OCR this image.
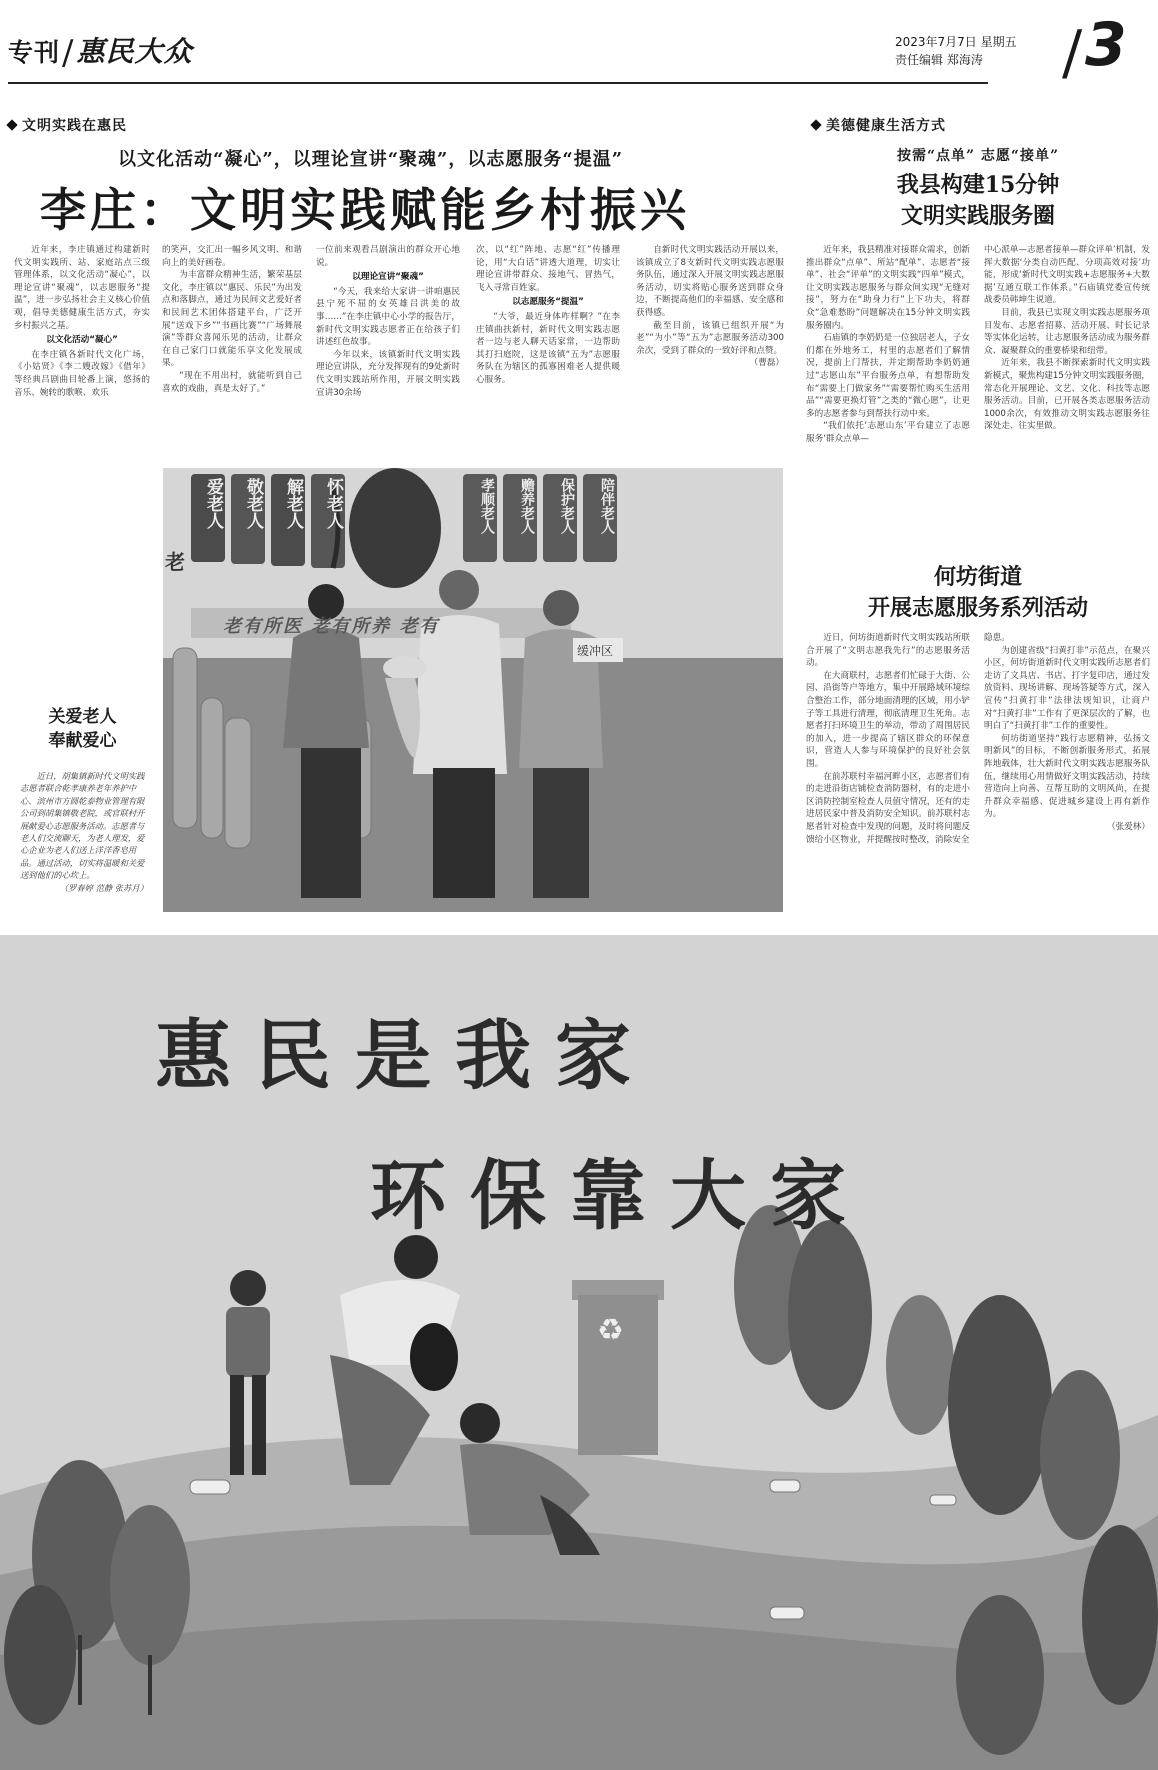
专刊/惠民大众	2023年7月7日 星期五
责任编辑 郑海涛	/ 3
文明实践在惠民
以文化活动“凝心”，以理论宣讲“聚魂”，以志愿服务“提温”
李庄：文明实践赋能乡村振兴

近年来，李庄镇通过构建新时代文明实践所、站、家庭站点三级管理体系，以文化活动“凝心”，以理论宣讲“聚魂”，以志愿服务“提温”，进一步弘扬社会主义核心价值观，倡导美德健康生活方式，夯实乡村振兴之基。

以文化活动“凝心”

在李庄镇各新时代文化广场，《小姑贤》《李二嫂改嫁》《借年》等经典吕剧曲目轮番上演，悠扬的音乐、婉转的歌喉、欢乐

的笑声，交汇出一幅乡风文明、和谐向上的美好画卷。

为丰富群众精神生活，繁荣基层文化，李庄镇以“惠民、乐民”为出发点和落脚点，通过为民间文艺爱好者和民间艺术团体搭建平台，广泛开展“送戏下乡”“书画比赛”“广场舞展演”等群众喜闻乐见的活动，让群众在自己家门口就能乐享文化发展成果。

“现在不用出村，就能听到自己喜欢的戏曲，真是太好了。”

一位前来观看吕剧演出的群众开心地说。

以理论宣讲“聚魂”

“今天，我来给大家讲一讲咱惠民县宁死不屈的女英雄吕洪美的故事……”在李庄镇中心小学的报告厅，新时代文明实践志愿者正在给孩子们讲述红色故事。

今年以来，该镇新时代文明实践理论宣讲队，充分发挥现有的9处新时代文明实践站所作用，开展文明实践宣讲30余场

次，以“红”阵地、志愿“红”传播理论，用“大白话”讲透大道理，切实让理论宣讲带群众、接地气、冒热气，飞入寻常百姓家。

以志愿服务“提温”

“大爷，最近身体咋样啊？”在李庄镇曲扶新村，新时代文明实践志愿者一边与老人聊天话家常，一边帮助其打扫庭院，这是该镇“五为”志愿服务队在为辖区的孤寡困难老人提供暖心服务。

自新时代文明实践活动开展以来，该镇成立了8支新时代文明实践志愿服务队伍，通过深入开展文明实践志愿服务活动，切实将贴心服务送到群众身边，不断提高他们的幸福感、安全感和获得感。

截至目前，该镇已组织开展“为老”“为小”等“五为”志愿服务活动300余次，受到了群众的一致好评和点赞。

（曹磊）

爱老人	敬老人	解老人	怀老人	孝顺老人	赡养老人	保护老人	陪伴老人
老
老有所医 老有所养 老有
缓冲区
关爱老人
奉献爱心

近日，胡集镇新时代文明实践志愿者联合乾孝康养老年养护中心、滨州市方圆乾泰物业管理有限公司到胡集镇敬老院，或官联村开展献爱心志愿服务活动。志愿者与老人们交流聊天，为老人理发，爱心企业为老人们送上洋洋香皂用品。通过活动，切实将温暖和关爱送到他们的心坎上。

（罗春婷 范静 张苏月）

美德健康生活方式
按需“点单” 志愿“接单”
我县构建15分钟
文明实践服务圈

近年来，我县精准对接群众需求，创新推出群众“点单”、所站“配单”、志愿者“接单”、社会“评单”的文明实践“四单”模式，让文明实践志愿服务与群众间实现“无缝对接”，努力在“助身力行”上下功夫，将群众“急难愁盼”问题解决在15分钟文明实践服务圈内。

石庙镇的李奶奶是一位独居老人，子女们都在外地务工，村里的志愿者们了解情况，提前上门帮扶，并定期帮助李奶奶通过“志愿山东”平台服务点单，有想帮助发布“需要上门做家务”“需要帮忙购买生活用品”“需要更换灯管”之类的“微心愿”，让更多的志愿者参与到帮扶行动中来。

“我们依托‘志愿山东’平台建立了志愿服务‘群众点单—

中心派单—志愿者接单—群众评单’机制，发挥大数据‘分类自动匹配、分项高效对接’功能，形成‘新时代文明实践+志愿服务+大数据’互通互联工作体系。”石庙镇党委宣传统战委员韩坤生说道。

目前，我县已实现文明实践志愿服务项目发布、志愿者招募、活动开展、时长记录等实体化运转，让志愿服务活动成为服务群众、凝聚群众的重要桥梁和纽带。

近年来，我县不断探索新时代文明实践新模式，聚焦构建15分钟文明实践服务圈，常态化开展理论、文艺、文化、科技等志愿服务活动。目前，已开展各类志愿服务活动1000余次，有效推动文明实践志愿服务往深处走、往实里做。

何坊街道
开展志愿服务系列活动

近日，何坊街道新时代文明实践站所联合开展了“文明志愿我先行”的志愿服务活动。

在大商联村，志愿者们忙碌于大街、公园、沿街等户等地方，集中开展路域环境综合整治工作，部分地面清理的区域，用小铲子等工具进行清理，彻底清理卫生死角。志愿者打扫环境卫生的举动，带动了周围居民的加入，进一步提高了辖区群众的环保意识，营造人人参与环境保护的良好社会氛围。

在前苏联村幸福河畔小区，志愿者们有的走进沿街店铺检查消防器材，有的走进小区消防控制室检查人员值守情况，还有的走进居民家中普及消防安全知识。前苏联村志愿者针对检查中发现的问题，及时将问题反馈给小区物业，并提醒按时整改，消除安全

隐患。

为创建省级“扫黄打非”示范点，在聚兴小区，何坊街道新时代文明实践所志愿者们走访了文具店、书店、打字复印店，通过发放资料、现场讲解、现场答疑等方式，深入宣传“扫黄打非”法律法规知识，让商户对“扫黄打非”工作有了更深层次的了解，也明白了“扫黄打非”工作的重要性。

何坊街道坚持“践行志愿精神，弘扬文明新风”的目标，不断创新服务形式，拓展阵地载体，壮大新时代文明实践志愿服务队伍，继续用心用情做好文明实践活动，持续营造向上向善、互帮互助的文明风尚，在提升群众幸福感、促进城乡建设上再有新作为。

（张爱林）

惠民是我家
环保靠大家
♻
